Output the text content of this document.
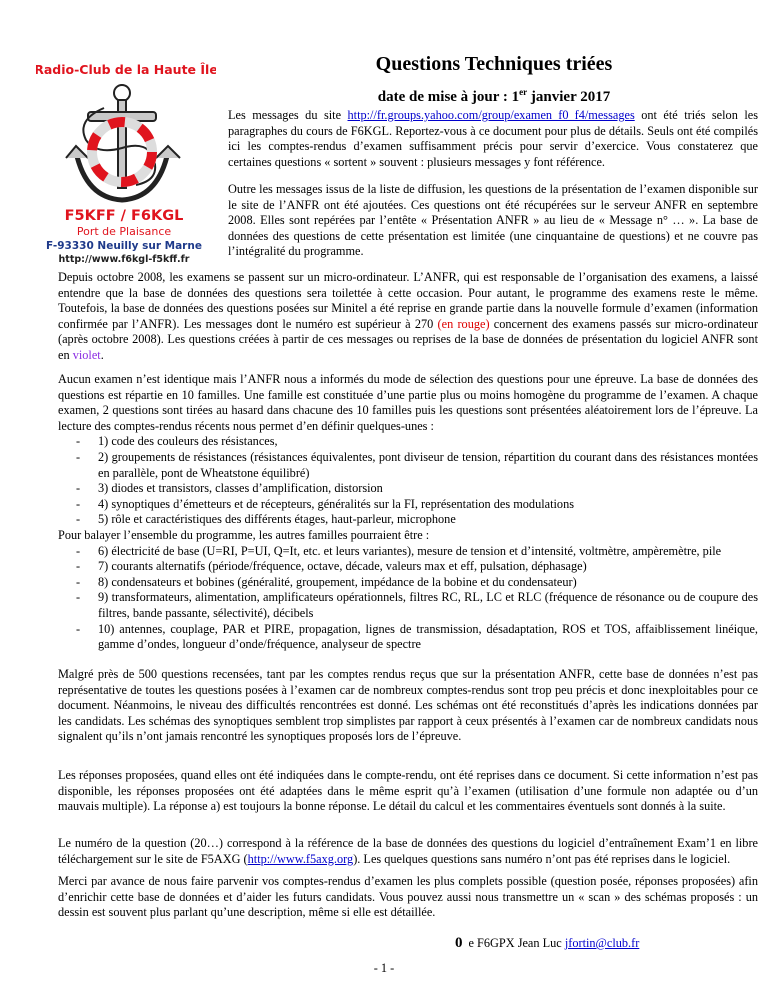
Radio-Club de la Haute Île
F5KFF / F6KGL
Port de Plaisance
F-93330 Neuilly sur Marne
http://www.f6kgl-f5kff.fr
Questions Techniques triées
date de mise à jour : 1er janvier 2017

Les messages du site http://fr.groups.yahoo.com/group/examen_f0_f4/messages ont été triés selon les paragraphes du cours de F6KGL. Reportez-vous à ce document pour plus de détails. Seuls ont été compilés ici les comptes-rendus d’examen suffisamment précis pour servir d’exercice. Vous constaterez que certaines questions « sortent » souvent : plusieurs messages y font référence.

Outre les messages issus de la liste de diffusion, les questions de la présentation de l’examen disponible sur le site de l’ANFR ont été ajoutées. Ces questions ont été récupérées sur le serveur ANFR en septembre 2008. Elles sont repérées par l’entête « Présentation ANFR » au lieu de « Message n° … ». La base de données des questions de cette présentation est limitée (une cinquantaine de questions) et ne couvre pas l’intégralité du programme.

Depuis octobre 2008, les examens se passent sur un micro-ordinateur. L’ANFR, qui est responsable de l’organisation des examens, a laissé entendre que la base de données des questions sera toilettée à cette occasion. Pour autant, le programme des examens reste le même. Toutefois, la base de données des questions posées sur Minitel a été reprise en grande partie dans la nouvelle formule d’examen (information confirmée par l’ANFR). Les messages dont le numéro est supérieur à 270 (en rouge) concernent des examens passés sur micro-ordinateur (après octobre 2008). Les questions créées à partir de ces messages ou reprises de la base de données de présentation du logiciel ANFR sont en violet.

Aucun examen n’est identique mais l’ANFR nous a informés du mode de sélection des questions pour une épreuve. La base de données des questions est répartie en 10 familles. Une famille est constituée d’une partie plus ou moins homogène du programme de l’examen. A chaque examen, 2 questions sont tirées au hasard dans chacune des 10 familles puis les questions sont présentées aléatoirement lors de l’épreuve. La lecture des comptes-rendus récents nous permet d’en définir quelques-unes :
- 1) code des couleurs des résistances,
- 2) groupements de résistances (résistances équivalentes, pont diviseur de tension, répartition du courant dans des résistances montées en parallèle, pont de Wheatstone équilibré)
- 3) diodes et transistors, classes d’amplification, distorsion
- 4) synoptiques d’émetteurs et de récepteurs, généralités sur la FI, représentation des modulations
- 5) rôle et caractéristiques des différents étages, haut-parleur, microphone
Pour balayer l’ensemble du programme, les autres familles pourraient être :
- 6) électricité de base (U=RI, P=UI, Q=It, etc. et leurs variantes), mesure de tension et d’intensité, voltmètre, ampèremètre, pile
- 7) courants alternatifs (période/fréquence, octave, décade, valeurs max et eff, pulsation, déphasage)
- 8) condensateurs et bobines (généralité, groupement, impédance de la bobine et du condensateur)
- 9) transformateurs, alimentation, amplificateurs opérationnels, filtres RC, RL, LC et RLC (fréquence de résonance ou de coupure des filtres, bande passante, sélectivité), décibels
- 10) antennes, couplage, PAR et PIRE, propagation, lignes de transmission, désadaptation, ROS et TOS, affaiblissement linéique, gamme d’ondes, longueur d’onde/fréquence, analyseur de spectre

Malgré près de 500 questions recensées, tant par les comptes rendus reçus que sur la présentation ANFR, cette base de données n’est pas représentative de toutes les questions posées à l’examen car de nombreux comptes-rendus sont trop peu précis et donc inexploitables pour ce document. Néanmoins, le niveau des difficultés rencontrées est donné. Les schémas ont été reconstitués d’après les indications données par les candidats. Les schémas des synoptiques semblent trop simplistes par rapport à ceux présentés à l’examen car de nombreux candidats nous signalent qu’ils n’ont jamais rencontré les synoptiques proposés lors de l’épreuve.

Les réponses proposées, quand elles ont été indiquées dans le compte-rendu, ont été reprises dans ce document. Si cette information n’est pas disponible, les réponses proposées ont été adaptées dans le même esprit qu’à l’examen (utilisation d’une formule non adaptée ou d’un mauvais multiple). La réponse a) est toujours la bonne réponse. Le détail du calcul et les commentaires éventuels sont donnés à la suite.

Le numéro de la question (20…) correspond à la référence de la base de données des questions du logiciel d’entraînement Exam’1 en libre téléchargement sur le site de F5AXG (http://www.f5axg.org). Les quelques questions sans numéro n’ont pas été reprises dans le logiciel.

Merci par avance de nous faire parvenir vos comptes-rendus d’examen les plus complets possible (question posée, réponses proposées) afin d’enrichir cette base de données et d’aider les futurs candidats. Vous pouvez aussi nous transmettre un « scan » des schémas proposés : un dessin est souvent plus parlant qu’une description, même si elle est détaillée.

0 e F6GPX Jean Luc jfortin@club.fr
- 1 -
